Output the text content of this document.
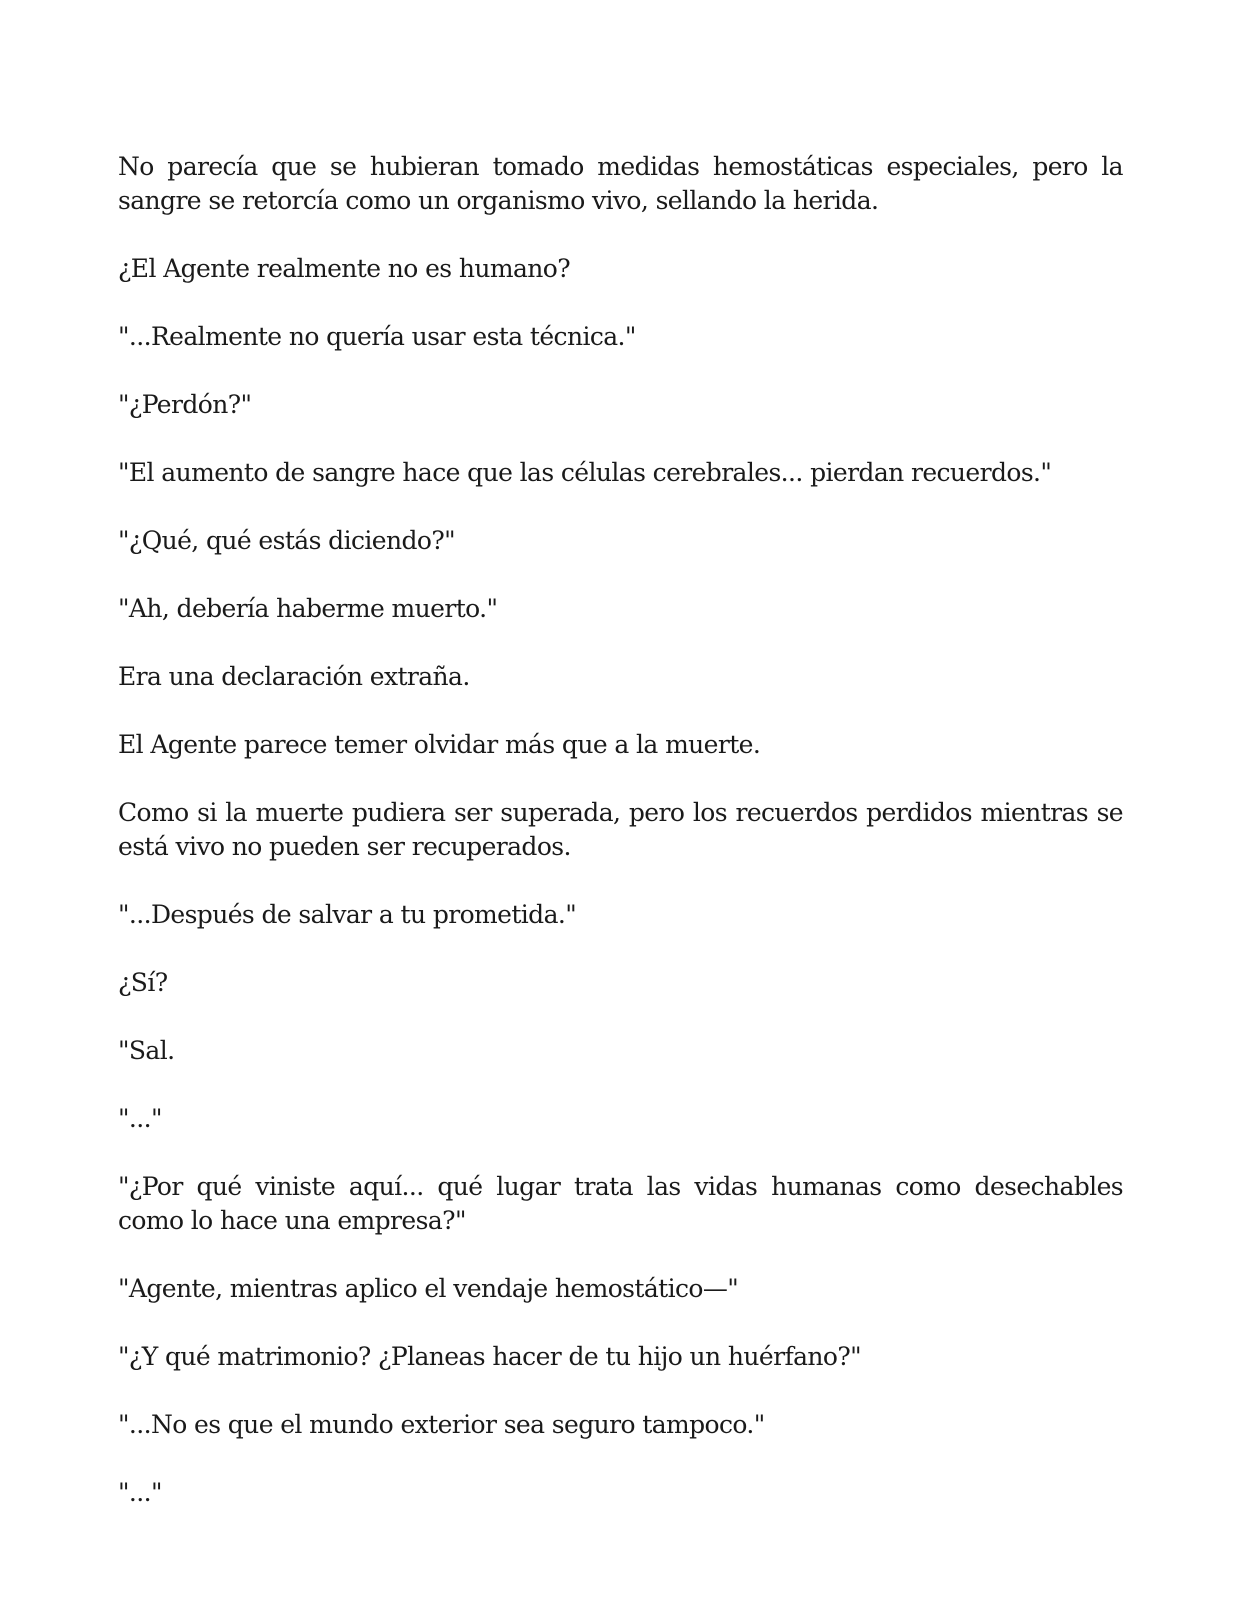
No parecía que se hubieran tomado medidas hemostáticas especiales, pero la sangre se retorcía como un organismo vivo, sellando la herida.

¿El Agente realmente no es humano?

"...Realmente no quería usar esta técnica."

"¿Perdón?"

"El aumento de sangre hace que las células cerebrales... pierdan recuerdos."

"¿Qué, qué estás diciendo?"

"Ah, debería haberme muerto."

Era una declaración extraña.

El Agente parece temer olvidar más que a la muerte.

Como si la muerte pudiera ser superada, pero los recuerdos perdidos mientras se está vivo no pueden ser recuperados.

"...Después de salvar a tu prometida."

¿Sí?

"Sal.

"..."

"¿Por qué viniste aquí... qué lugar trata las vidas humanas como desechables como lo hace una empresa?"

"Agente, mientras aplico el vendaje hemostático—"

"¿Y qué matrimonio? ¿Planeas hacer de tu hijo un huérfano?"

"...No es que el mundo exterior sea seguro tampoco."

"..."
